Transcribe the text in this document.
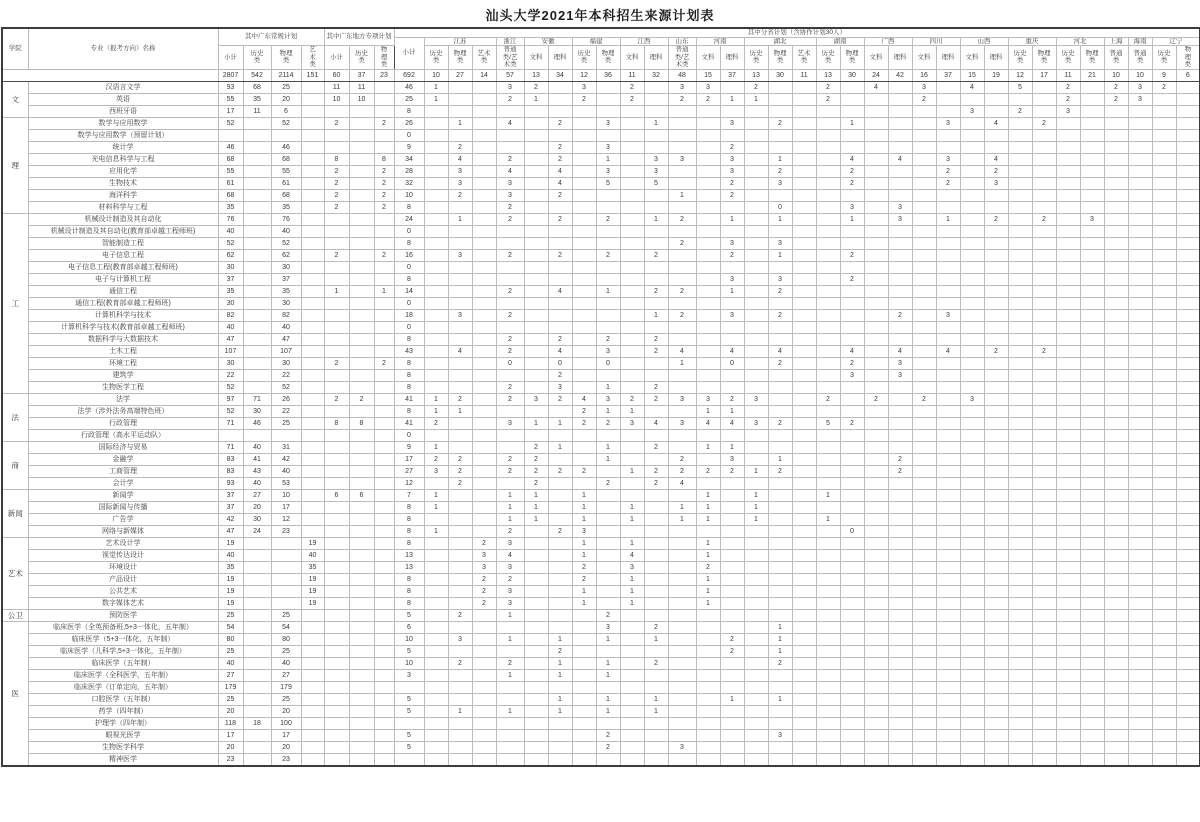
汕头大学2021年本科招生来源计划表
学院	专业（报考方向）名称	其中广东常规计划				其中广东地方专项计划			其中分省计划（含协作计划30人）																																
									小计	江苏			浙江	安徽		福建		江西		山东	河南		湖北			湖南		广西		四川		山西		重庆		河北		上海	海南	辽宁	
		小计	历史类	物理类	艺术类	小计	历史类	物理类		历史类	物理类	艺术类	普通类/艺术类	文科	理科	历史类	物理类	文科	理科	普通类/艺术类	文科	理科	历史类	物理类	艺术类	历史类	物理类	文科	理科	文科	理科	文科	理科	历史类	物理类	历史类	物理类	普通类	普通类	历史类	物理类
		2807	542	2114	151	60	37	23	692	10	27	14	57	13	34	12	36	11	32	48	15	37	13	30	11	13	30	24	42	16	37	15	19	12	17	11	21	10	10	9	6
文	汉语言文学	93	68	25		11	11		46	1			3	2		3		2		3	3		2			2		4		3		4		5		2		2	3	2	
	英语	55	35	20		10	10		25	1			2	1		2		2		2	2	1	1			2				2						2		2	3		
	西班牙语	17	11	6					8																							3		2		3					
理	数学与应用数学	52		52		2		2	26		1		4		2		3		1			3		2			1				3		4		2						
	数学与应用数学（预留计划）								0																																
	统计学	46		46					9		2				2		3					2																			
	光电信息科学与工程	68		68		8		8	34		4		2		2		1		3	3		3		1			4		4		3		4								
	应用化学	55		55		2		2	28		3		4		4		3		3			3		2			2				2		2								
	生物技术	61		61		2		2	32		3		3		4		5		5			2		3			2				2		3								
	海洋科学	68		68		2		2	10		2		3		2					1		2																			
	材料科学与工程	35		35		2		2	8				2											0			3		3												
工	机械设计制造及其自动化	76		76					24		1		2		2		2		1	2		1		1			1		3		1		2		2		3				
	机械设计制造及其自动化(教育部卓越工程师班)	40		40					0																																
	智能制造工程	52		52					8											2		3		3																	
	电子信息工程	62		62		2		2	16		3		2		2		2		2			2		1			2														
	电子信息工程(教育部卓越工程师班)	30		30					0																																
	电子与计算机工程	37		37					8													3		3			2														
	通信工程	35		35		1		1	14				2		4		1		2	2		1		2																	
	通信工程(教育部卓越工程师班)	30		30					0																																
	计算机科学与技术	82		82					18		3		2						1	2		3		2					2		3										
	计算机科学与技术(教育部卓越工程师班)	40		40					0																																
	数据科学与大数据技术	47		47					8				2		2		2		2																						
	土木工程	107		107					43		4		2		4		3		2	4		4		4			4		4		4		2		2						
	环境工程	30		30		2		2	8				0		0		0			1		0		2			2		3												
	建筑学	22		22					8						2												3		3												
	生物医学工程	52		52					8				2		3		1		2																						
法	法学	97	71	26		2	2		41	1	2		2	3	2	4	3	2	2	3	3	2	3			2		2		2		3									
	法学（涉外法务高端特色班）	52	30	22					8	1	1					2	1	1			1	1																			
	行政管理	71	46	25		8	8		41	2			3	1	1	2	2	3	4	3	4	4	3	2		5	2														
	行政管理（高水平运动队）								0																																
商	国际经济与贸易	71	40	31					9	1				2	1		1		2		1	1																			
	金融学	83	41	42					17	2	2		2	2			1			2		3		1					2												
	工商管理	83	43	40					27	3	2		2	2	2	2		1	2	2	2	2	1	2					2												
	会计学	93	40	53					12		2			2			2		2	4																					
新闻	新闻学	37	27	10		6	6		7	1			1	1		1					1		1			1															
	国际新闻与传播	37	20	17					8	1			1	1		1		1		1	1		1																		
	广告学	42	30	12					8				1	1		1		1		1	1		1			1															
	网络与新媒体	47	24	23					8	1			2		2	3											0														
艺术	艺术设计学	19			19				8			2	3			1		1			1																				
	视觉传达设计	40			40				13			3	4			1		4			1																				
	环境设计	35			35				13			3	3			2		3			2																				
	产品设计	19			19				8			2	2			2		1			1																				
	公共艺术	19			19				8			2	3			1		1			1																				
	数字媒体艺术	19			19				8			2	3			1		1			1																				
公卫	预防医学	25		25					5		2		1				2																								
医	临床医学（全英预备班,5+3一体化，五年制）	54		54					6								3		2					1																	
	临床医学（5+3一体化，五年制）	80		80					10		3		1		1		1		1			2		1																	
	临床医学（儿科学,5+3一体化，五年制）	25		25					5						2							2		1																	
	临床医学（五年制）	40		40					10		2		2		1		1		2					2																	
	临床医学（全科医学，五年制）	27		27					3				1		1		1																								
	临床医学（订单定向，五年制）	179		179																																					
	口腔医学（五年制）	25		25					5						1		1		1			1		1																	
	药学（四年制）	20		20					5		1		1		1		1		1																						
	护理学（四年制）	118	18	100																																					
	眼视光医学	17		17					5								2							3																	
	生物医学科学	20		20					5								2			3																					
	精神医学	23		23																																					
